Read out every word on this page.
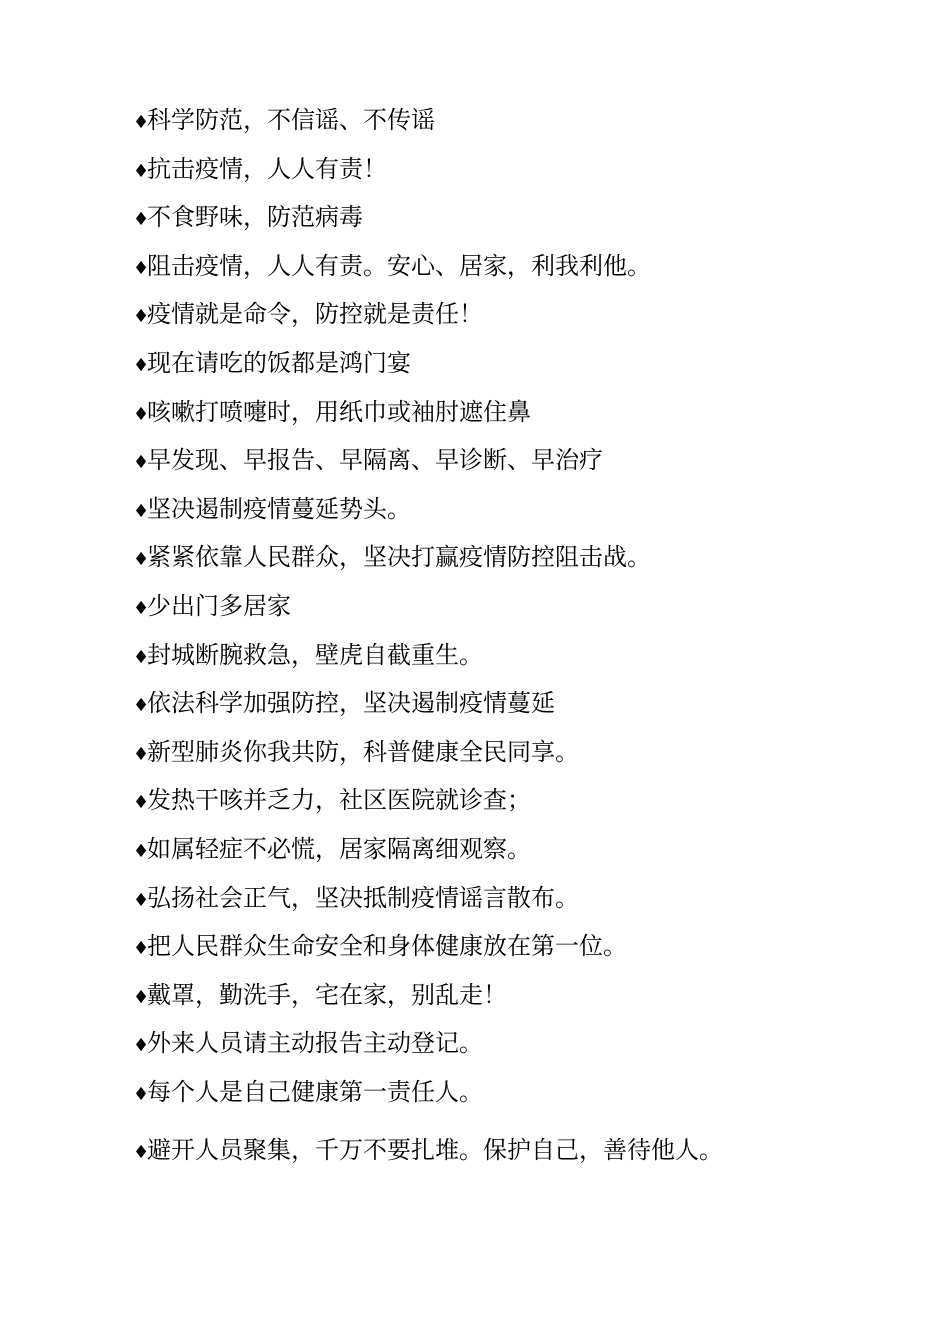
♦科学防范，不信谣、不传谣
♦抗击疫情，人人有责！
♦不食野味，防范病毒
♦阻击疫情，人人有责。安心、居家，利我利他。
♦疫情就是命令，防控就是责任！
♦现在请吃的饭都是鸿门宴
♦咳嗽打喷嚏时，用纸巾或袖肘遮住鼻
♦早发现、早报告、早隔离、早诊断、早治疗
♦坚决遏制疫情蔓延势头。
♦紧紧依靠人民群众，坚决打赢疫情防控阻击战。
♦少出门多居家
♦封城断腕救急，壁虎自截重生。
♦依法科学加强防控，坚决遏制疫情蔓延
♦新型肺炎你我共防，科普健康全民同享。
♦发热干咳并乏力，社区医院就诊查；
♦如属轻症不必慌，居家隔离细观察。
♦弘扬社会正气，坚决抵制疫情谣言散布。
♦把人民群众生命安全和身体健康放在第一位。
♦戴罩，勤洗手，宅在家，别乱走！
♦外来人员请主动报告主动登记。
♦每个人是自己健康第一责任人。
♦避开人员聚集，千万不要扎堆。保护自己，善待他人。
